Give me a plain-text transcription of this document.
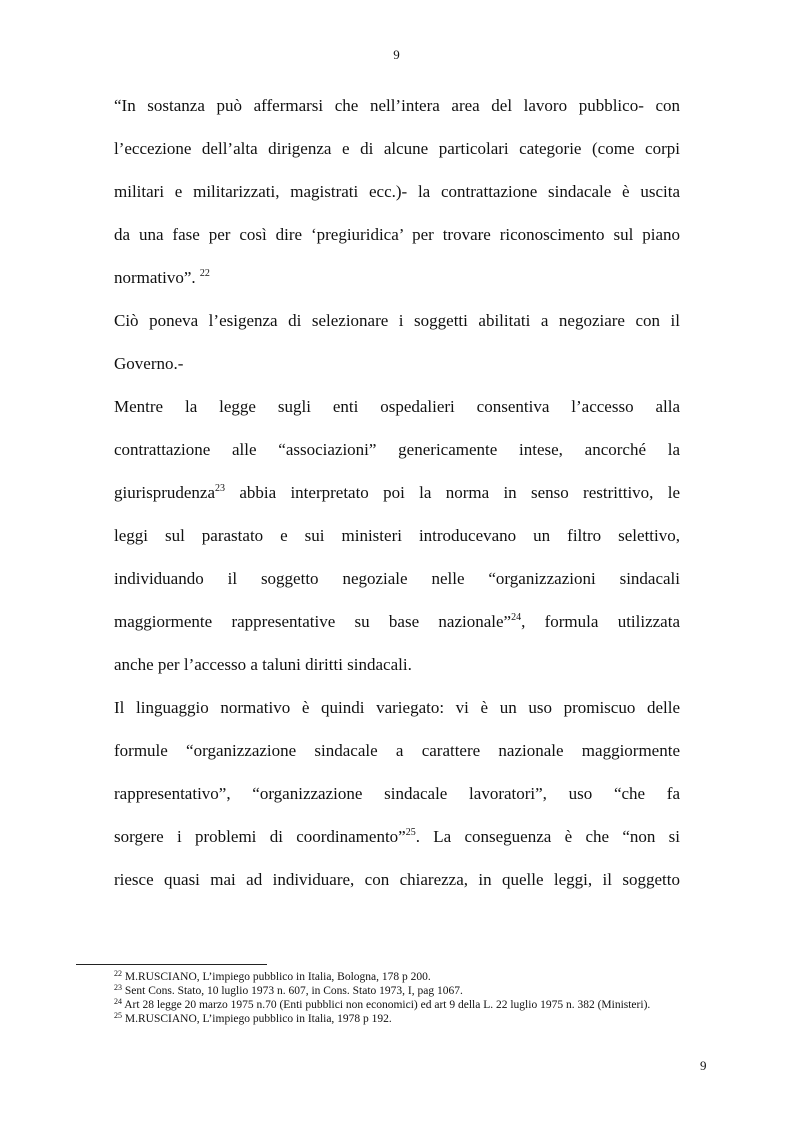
9

“In sostanza può affermarsi che nell’intera area del lavoro pubblico- con
l’eccezione dell’alta dirigenza e di alcune particolari categorie (come corpi
militari e militarizzati, magistrati ecc.)- la contrattazione sindacale è uscita
da una fase per così dire ‘pregiuridica’ per trovare riconoscimento sul piano
normativo”. $^{22}$

Ciò poneva l’esigenza di selezionare i soggetti abilitati a negoziare con il
Governo.-

Mentre la legge sugli enti ospedalieri consentiva l’accesso alla
contrattazione alle “associazioni” genericamente intese, ancorché la
giurisprudenza$^{23}$ abbia interpretato poi la norma in senso restrittivo, le
leggi sul parastato e sui ministeri introducevano un filtro selettivo,
individuando il soggetto negoziale nelle “organizzazioni sindacali
maggiormente rappresentative su base nazionale”$^{24}$, formula utilizzata
anche per l’accesso a taluni diritti sindacali.

Il linguaggio normativo è quindi variegato: vi è un uso promiscuo delle
formule “organizzazione sindacale a carattere nazionale maggiormente
rappresentativo”, “organizzazione sindacale lavoratori”, uso “che fa
sorgere i problemi di coordinamento”$^{25}$. La conseguenza è che “non si
riesce quasi mai ad individuare, con chiarezza, in quelle leggi, il soggetto

$^{22}$ M.RUSCIANO, L’impiego pubblico in Italia, Bologna, 178 p 200.

$^{23}$ Sent Cons. Stato, 10 luglio 1973 n. 607, in Cons. Stato 1973, I, pag 1067.

$^{24}$ Art 28 legge 20 marzo 1975 n.70 (Enti pubblici non economici) ed art 9 della L. 22 luglio 1975 n. 382 (Ministeri).

$^{25}$ M.RUSCIANO, L’impiego pubblico in Italia, 1978 p 192.

9
